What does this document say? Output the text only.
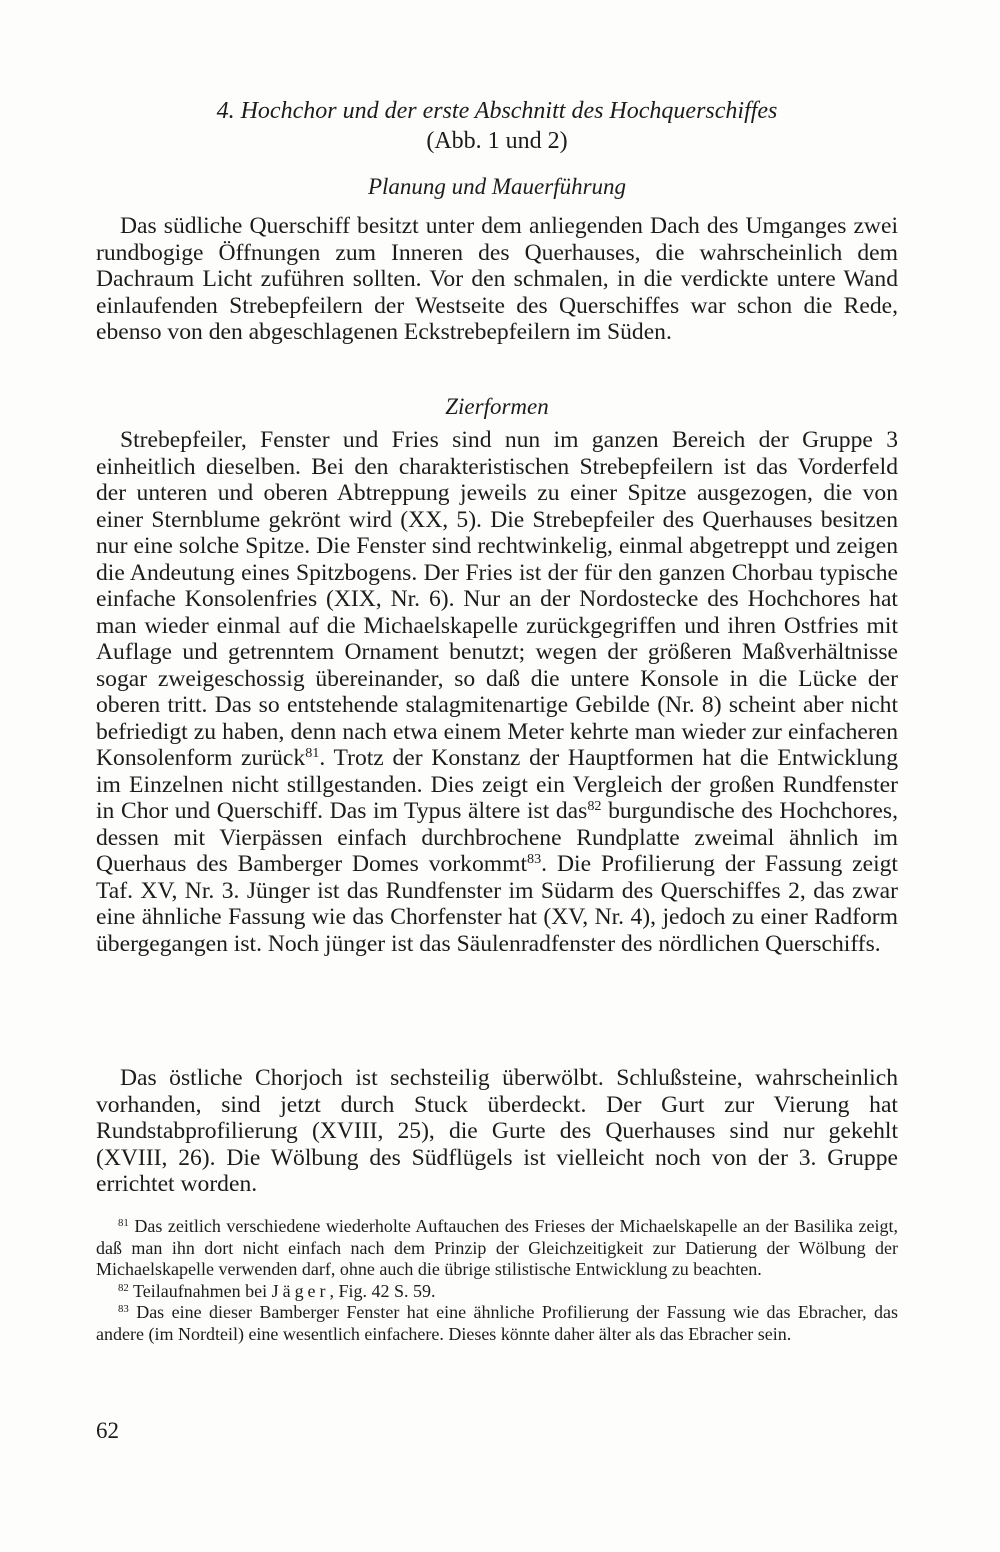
4. Hochchor und der erste Abschnitt des Hochquerschiffes
(Abb. 1 und 2)
Planung und Mauerführung

Das südliche Querschiff besitzt unter dem anliegenden Dach des Umganges zwei rundbogige Öffnungen zum Inneren des Querhauses, die wahrscheinlich dem Dachraum Licht zuführen sollten. Vor den schmalen, in die verdickte untere Wand einlaufenden Strebepfeilern der Westseite des Querschiffes war schon die Rede, ebenso von den abgeschlagenen Eckstrebepfeilern im Süden.

Zierformen

Strebepfeiler, Fenster und Fries sind nun im ganzen Bereich der Gruppe 3 einheitlich dieselben. Bei den charakteristischen Strebepfeilern ist das Vorderfeld der unteren und oberen Abtreppung jeweils zu einer Spitze ausgezogen, die von einer Sternblume gekrönt wird (XX, 5). Die Strebepfeiler des Querhauses besitzen nur eine solche Spitze. Die Fenster sind rechtwinkelig, einmal abgetreppt und zeigen die Andeutung eines Spitzbogens. Der Fries ist der für den ganzen Chorbau typische einfache Konsolenfries (XIX, Nr. 6). Nur an der Nordostecke des Hochchores hat man wieder einmal auf die Michaelskapelle zurückgegriffen und ihren Ostfries mit Auflage und getrenntem Ornament benutzt; wegen der größeren Maßverhältnisse sogar zweigeschossig übereinander, so daß die untere Konsole in die Lücke der oberen tritt. Das so entstehende stalagmitenartige Gebilde (Nr. 8) scheint aber nicht befriedigt zu haben, denn nach etwa einem Meter kehrte man wieder zur einfacheren Konsolenform zurück$^{81}$. Trotz der Konstanz der Hauptformen hat die Entwicklung im Einzelnen nicht stillgestanden. Dies zeigt ein Vergleich der großen Rundfenster in Chor und Querschiff. Das im Typus ältere ist das$^{82}$ burgundische des Hochchores, dessen mit Vierpässen einfach durchbrochene Rundplatte zweimal ähnlich im Querhaus des Bamberger Domes vorkommt$^{83}$. Die Profilierung der Fassung zeigt Taf. XV, Nr. 3. Jünger ist das Rundfenster im Südarm des Querschiffes 2, das zwar eine ähnliche Fassung wie das Chorfenster hat (XV, Nr. 4), jedoch zu einer Radform übergegangen ist. Noch jünger ist das Säulenradfenster des nördlichen Querschiffs.

Das östliche Chorjoch ist sechsteilig überwölbt. Schlußsteine, wahrscheinlich vorhanden, sind jetzt durch Stuck überdeckt. Der Gurt zur Vierung hat Rundstabprofilierung (XVIII, 25), die Gurte des Querhauses sind nur gekehlt (XVIII, 26). Die Wölbung des Südflügels ist vielleicht noch von der 3. Gruppe errichtet worden.

$^{81}$ Das zeitlich verschiedene wiederholte Auftauchen des Frieses der Michaelskapelle an der Basilika zeigt, daß man ihn dort nicht einfach nach dem Prinzip der Gleichzeitigkeit zur Datierung der Wölbung der Michaelskapelle verwenden darf, ohne auch die übrige stilistische Entwicklung zu beachten.

$^{82}$ Teilaufnahmen bei Jäger, Fig. 42 S. 59.

$^{83}$ Das eine dieser Bamberger Fenster hat eine ähnliche Profilierung der Fassung wie das Ebracher, das andere (im Nordteil) eine wesentlich einfachere. Dieses könnte daher älter als das Ebracher sein.

62
